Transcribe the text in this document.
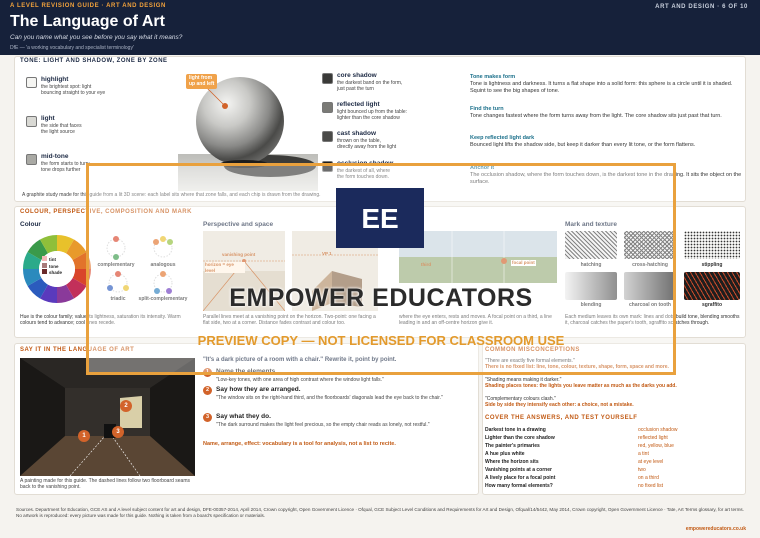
A LEVEL REVISION GUIDE · ART AND DESIGN
The Language of Art
Can you name what you see before you say what it means?
DfE — 'a working vocabulary and specialist terminology'
ART AND DESIGN · 6 OF 10
TONE: LIGHT AND SHADOW, ZONE BY ZONE
light from
up and left
highlight
the brightest spot: light
bouncing straight to your eye
light
the side that faces
the light source
mid-tone
the form starts to turn;
tone drops further
core shadow
the darkest band on the form,
just past the turn
reflected light
light bounced up from the table:
lighter than the core shadow
cast shadow
thrown on the table,
directly away from the light
occlusion shadow
the darkest of all, where
the form touches down.
A graphite study made for this guide from a lit 3D scene: each label sits where that zone falls, and each chip is drawn from the drawing.
Tone makes form
Tone is lightness and darkness. It turns a flat shape into a solid form: this sphere is a circle until it is shaded. Squint to see the big shapes of tone.
Find the turn
Tone changes fastest where the form turns away from the light. The core shadow sits just past that turn.
Keep reflected light dark
Bounced light lifts the shadow side, but keep it darker than every lit tone, or the form flattens.
Anchor it
The occlusion shadow, where the form touches down, is the darkest tone in the drawing. It sits the object on the surface.
COLOUR, PERSPECTIVE, COMPOSITION AND MARK
Colour
tint
tone
shade
complementary	analogous
triadic	split-complementary
Hue is the colour family; value its lightness, saturation its intensity. Warm colours tend to advance; cool ones recede.
Perspective and space
vanishing point
horizon = eye level
VP 1
Parallel lines meet at a vanishing point on the horizon. Two-point: one facing a flat side, two at a corner. Distance fades contrast and colour too.
third	focal point
where the eye enters, rests and moves. A focal point on a third, a line leading in and an off-centre horizon give it.
Mark and texture
hatching	cross-hatching	stippling
blending	charcoal on tooth	sgraffito
Each medium leaves its own mark: lines and dots build tone, blending smooths it, charcoal catches the paper's tooth, sgraffito scratches through.
SAY IT IN THE LANGUAGE OF ART
1
2
3
A painting made for this guide. The dashed lines follow two floorboard seams back to the vanishing point.
"It's a dark picture of a room with a chair." Rewrite it, point by point.
1	Name the elements.
"Low-key tones, with one area of high contrast where the window light falls."
2	Say how they are arranged.
"The window sits on the right-hand third, and the floorboards' diagonals lead the eye back to the chair."
3	Say what they do.
"The dark surround makes the light feel precious, so the empty chair reads as lonely, not restful."
Name, arrange, effect: vocabulary is a tool for analysis, not a list to recite.
COMMON MISCONCEPTIONS
"There are exactly five formal elements."
There is no fixed list: line, tone, colour, texture, shape, form, space and more.
"Shading means making it darker."
Shading places tones: the lights you leave matter as much as the darks you add.
"Complementary colours clash."
Side by side they intensify each other: a choice, not a mistake.
COVER THE ANSWERS, AND TEST YOURSELF
Darkest tone in a drawing	occlusion shadow
Lighter than the core shadow	reflected light
The painter's primaries	red, yellow, blue
A hue plus white	a tint
Where the horizon sits	at eye level
Vanishing points at a corner	two
A lively place for a focal point	on a third
How many formal elements?	no fixed list
Sources. Department for Education, GCE AS and A level subject content for art and design, DFE-00357-2014, April 2014, Crown copyright, Open Government Licence · Ofqual, GCE Subject Level Conditions and Requirements for Art and Design, Ofqual/14/5442, May 2014, Crown copyright, Open Government Licence · Tate, Art Terms glossary, for art terms. No artwork is reproduced: every picture was made for this guide. Nothing is taken from a board's specification or materials.
empowereducators.co.uk
EE
EMPOWER EDUCATORS
PREVIEW COPY — NOT LICENSED FOR CLASSROOM USE
